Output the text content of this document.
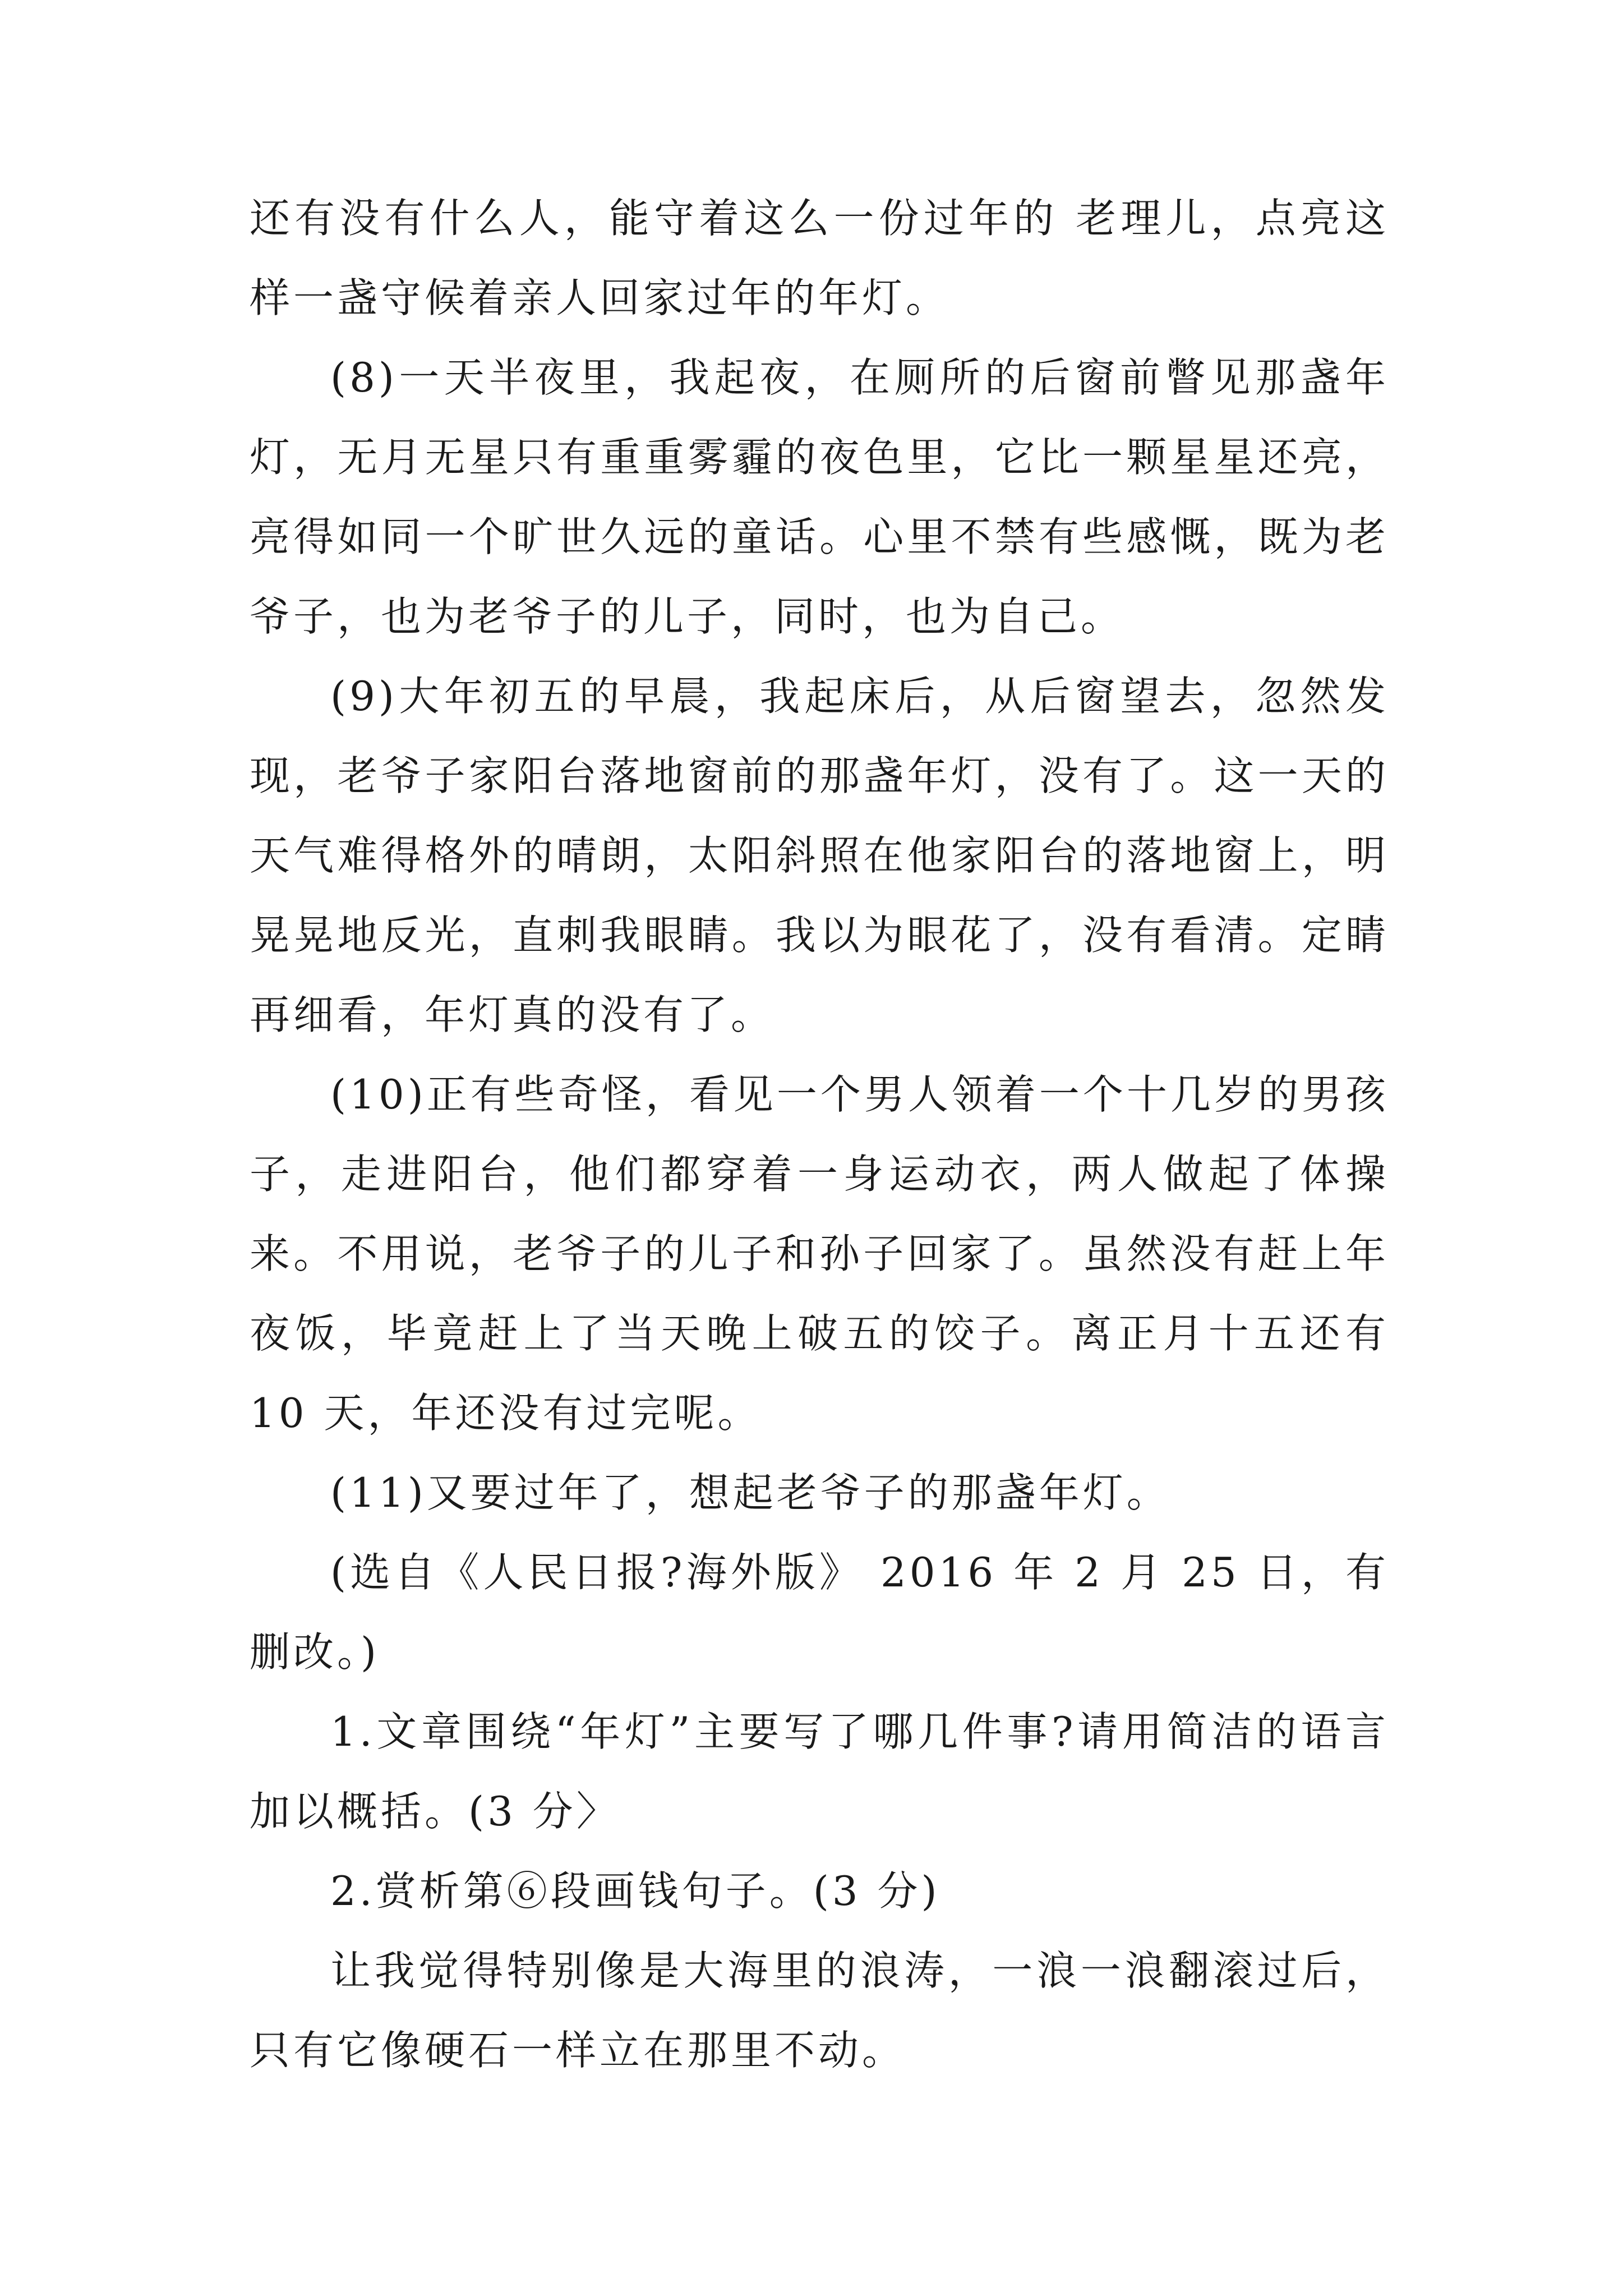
还有没有什么人，能守着这么一份过年的 老理儿，点亮这样一盏守候着亲人回家过年的年灯。

(8)一天半夜里，我起夜，在厕所的后窗前瞥见那盏年灯，无月无星只有重重雾霾的夜色里，它比一颗星星还亮，亮得如同一个旷世久远的童话。心里不禁有些感慨，既为老爷子，也为老爷子的儿子，同时，也为自己。

(9)大年初五的早晨，我起床后，从后窗望去，忽然发现，老爷子家阳台落地窗前的那盏年灯，没有了。这一天的天气难得格外的晴朗，太阳斜照在他家阳台的落地窗上，明晃晃地反光，直刺我眼睛。我以为眼花了，没有看清。定睛再细看，年灯真的没有了。

(10)正有些奇怪，看见一个男人领着一个十几岁的男孩子，走进阳台，他们都穿着一身运动衣，两人做起了体操来。不用说，老爷子的儿子和孙子回家了。虽然没有赶上年夜饭，毕竟赶上了当天晚上破五的饺子。离正月十五还有 10 天，年还没有过完呢。

(11)又要过年了，想起老爷子的那盏年灯。

(选自《人民日报?海外版》 2016 年 2 月 25 日，有删改。)

1.文章围绕“年灯”主要写了哪几件事?请用简洁的语言加以概括。(3 分〉

2.赏析第⑥段画钱句子。(3 分)

让我觉得特别像是大海里的浪涛，一浪一浪翻滚过后，只有它像硬石一样立在那里不动。
